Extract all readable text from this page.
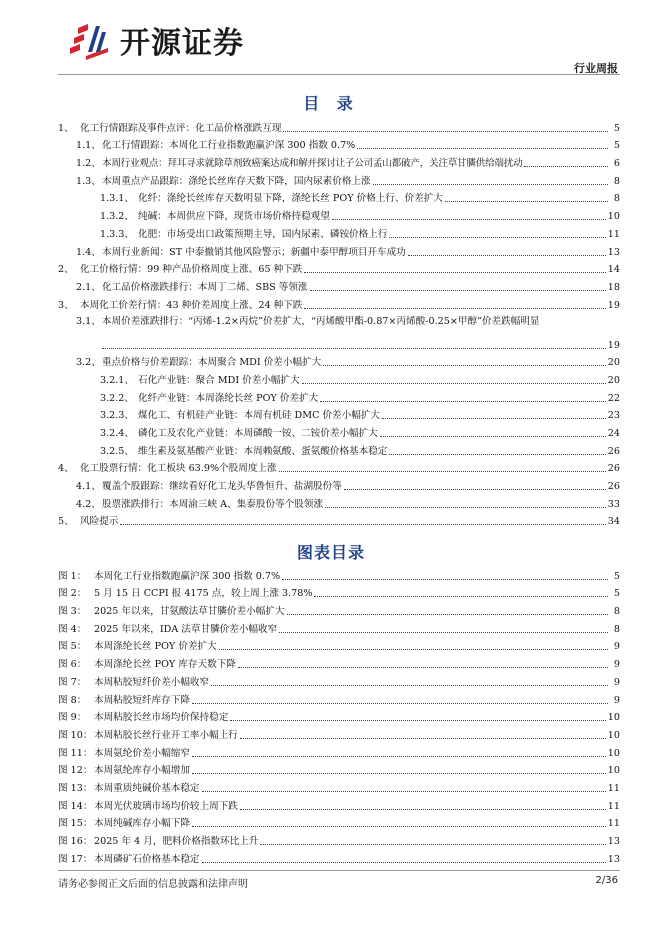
开源证券
行业周报
目 录
1、 化工行情跟踪及事件点评：化工品价格涨跌互现	5
1.1、 化工行情跟踪：本周化工行业指数跑赢沪深 300 指数 0.7%	5
1.2、 本周行业观点：拜耳寻求就除草剂致癌案达成和解并探讨让子公司孟山都破产，关注草甘膦供给端扰动	6
1.3、 本周重点产品跟踪：涤纶长丝库存天数下降，国内尿素价格上涨	8
1.3.1、 化纤：涤纶长丝库存天数明显下降，涤纶长丝 POY 价格上行、价差扩大	8
1.3.2、 纯碱：本周供应下降，现货市场价格持稳观望	10
1.3.3、 化肥：市场受出口政策预期主导，国内尿素、磷铵价格上行	11
1.4、 本周行业新闻：ST 中泰撤销其他风险警示；新疆中泰甲醇项目开车成功	13
2、 化工价格行情：99 种产品价格周度上涨、65 种下跌	14
2.1、 化工品价格涨跌排行：本周丁二烯、SBS 等领涨	18
3、 本周化工价差行情：43 种价差周度上涨、24 种下跌	19
3.1、 本周价差涨跌排行：“丙烯-1.2×丙烷”价差扩大，“丙烯酸甲酯-0.87×丙烯酸-0.25×甲醇”价差跌幅明显
19
3.2、 重点价格与价差跟踪：本周聚合 MDI 价差小幅扩大	20
3.2.1、 石化产业链：聚合 MDI 价差小幅扩大	20
3.2.2、 化纤产业链：本周涤纶长丝 POY 价差扩大	22
3.2.3、 煤化工、有机硅产业链：本周有机硅 DMC 价差小幅扩大	23
3.2.4、 磷化工及农化产业链：本周磷酸一铵、二铵价差小幅扩大	24
3.2.5、 维生素及氨基酸产业链：本周赖氨酸、蛋氨酸价格基本稳定	26
4、 化工股票行情：化工板块 63.9%个股周度上涨	26
4.1、 覆盖个股跟踪：继续看好化工龙头华鲁恒升、盐湖股份等	26
4.2、 股票涨跌排行：本周渝三峡 A、集泰股份等个股领涨	33
5、 风险提示	34
图表目录
图 1： 本周化工行业指数跑赢沪深 300 指数 0.7%	5
图 2： 5 月 15 日 CCPI 报 4175 点，较上周上涨 3.78%	5
图 3： 2025 年以来，甘氨酸法草甘膦价差小幅扩大	8
图 4： 2025 年以来，IDA 法草甘膦价差小幅收窄	8
图 5： 本周涤纶长丝 POY 价差扩大	9
图 6： 本周涤纶长丝 POY 库存天数下降	9
图 7： 本周粘胶短纤价差小幅收窄	9
图 8： 本周粘胶短纤库存下降	9
图 9： 本周粘胶长丝市场均价保持稳定	10
图 10： 本周粘胶长丝行业开工率小幅上行	10
图 11： 本周氨纶价差小幅缩窄	10
图 12： 本周氨纶库存小幅增加	10
图 13： 本周重质纯碱价基本稳定	11
图 14： 本周光伏玻璃市场均价较上周下跌	11
图 15： 本周纯碱库存小幅下降	11
图 16： 2025 年 4 月，肥料价格指数环比上升	13
图 17： 本周磷矿石价格基本稳定	13
请务必参阅正文后面的信息披露和法律声明	2/36
